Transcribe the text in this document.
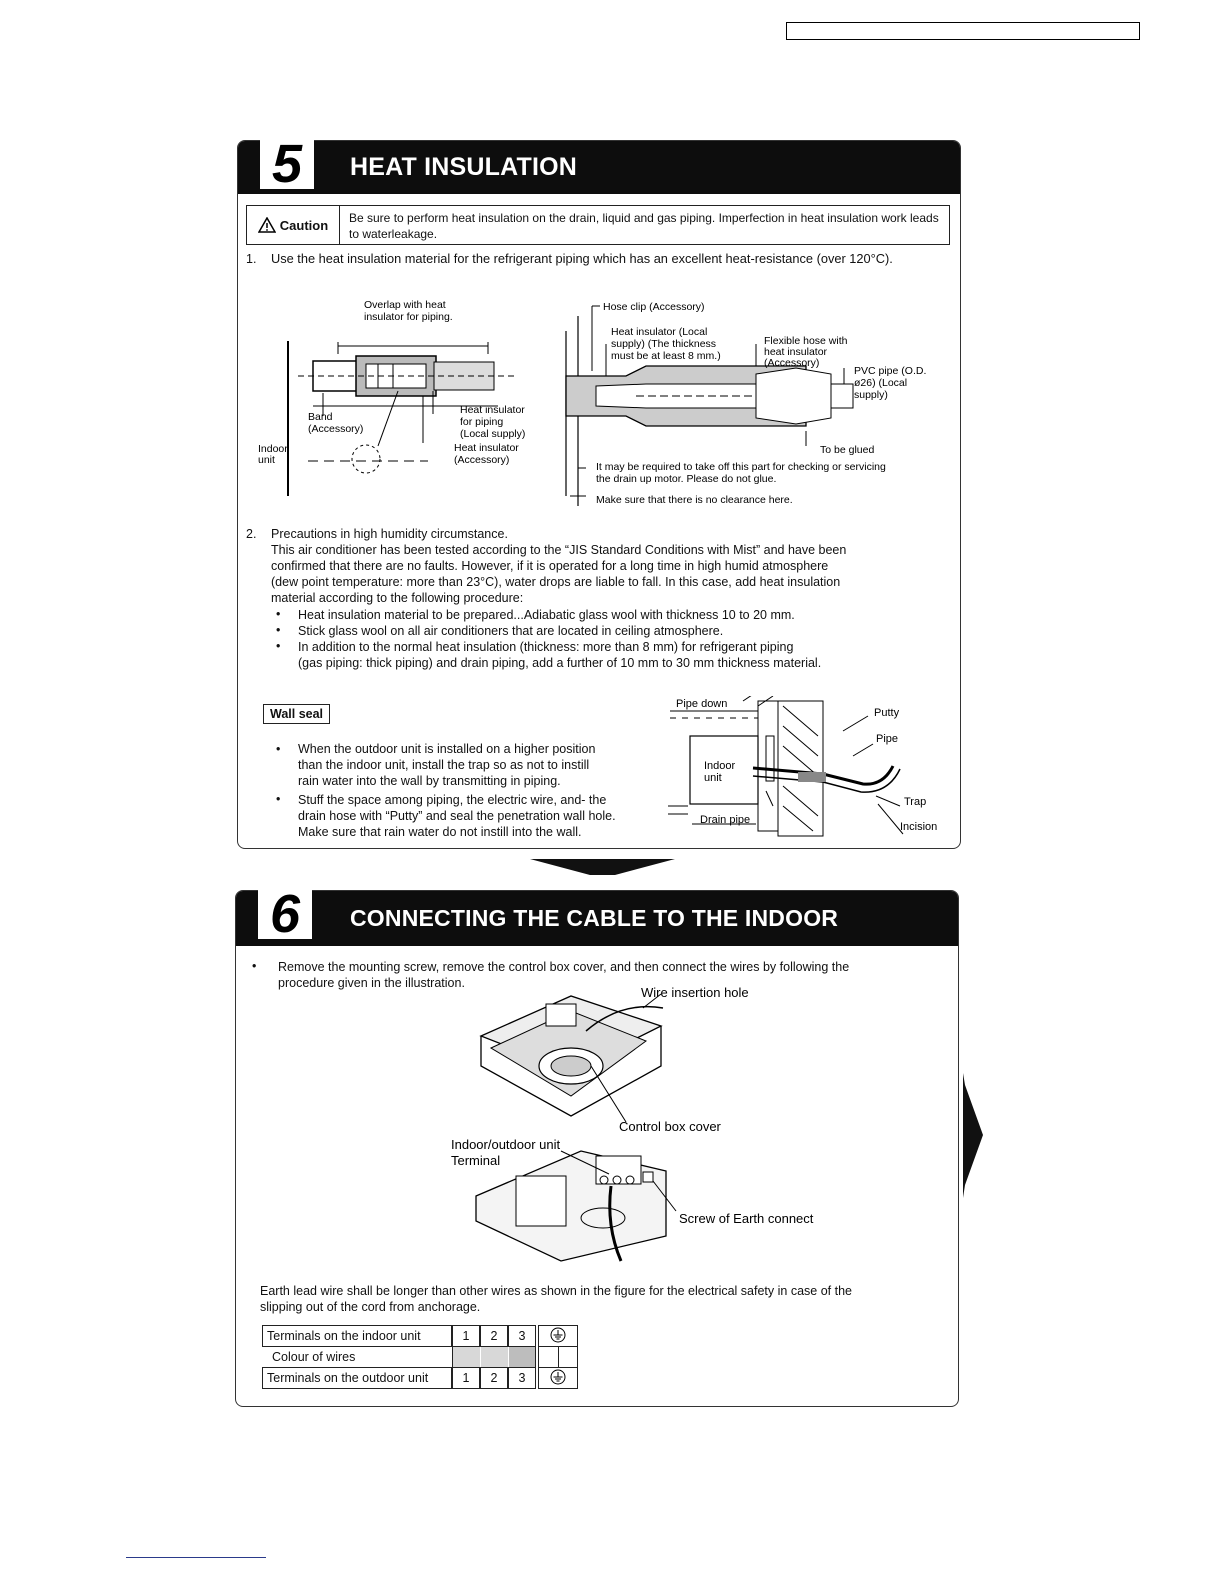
5	HEAT INSULATION
Caution Be sure to perform heat insulation on the drain, liquid and gas piping. Imperfection in heat insulation work leads to waterleakage.
1. Use the heat insulation material for the refrigerant piping which has an excellent heat-resistance (over 120°C).
Overlap with heat
insulator for piping.
Band
(Accessory)
Indoor
unit
Heat insulator
for piping
(Local supply)
Heat insulator
(Accessory)
Hose clip (Accessory)
Heat insulator (Local
supply) (The thickness
must be at least 8 mm.)
Flexible hose with
heat insulator
(Accessory)
PVC pipe (O.D.
ø26) (Local
supply)
To be glued
It may be required to take off this part for checking or servicing
the drain up motor. Please do not glue.
Make sure that there is no clearance here.
2. Precautions in high humidity circumstance.
This air conditioner has been tested according to the “JIS Standard Conditions with Mist” and have been
confirmed that there are no faults. However, if it is operated for a long time in high humid atmosphere
(dew point temperature: more than 23°C), water drops are liable to fall. In this case, add heat insulation
material according to the following procedure:
• Heat insulation material to be prepared...Adiabatic glass wool with thickness 10 to 20 mm.
• Stick glass wool on all air conditioners that are located in ceiling atmosphere.
• In addition to the normal heat insulation (thickness: more than 8 mm) for refrigerant piping
(gas piping: thick piping) and drain piping, add a further of 10 mm to 30 mm thickness material.
Wall seal
• When the outdoor unit is installed on a higher position
than the indoor unit, install the trap so as not to instill
rain water into the wall by transmitting in piping.
• Stuff the space among piping, the electric wire, and- the
drain hose with “Putty” and seal the penetration wall hole.
Make sure that rain water do not instill into the wall.
Pipe down
Putty
Pipe
Indoor
unit
Trap
Drain pipe
Incision
6	CONNECTING THE CABLE TO THE INDOOR
• Remove the mounting screw, remove the control box cover, and then connect the wires by following the
procedure given in the illustration.
Wire insertion hole
Control box cover
Indoor/outdoor unit
Terminal
Screw of Earth connect
Earth lead wire shall be longer than other wires as shown in the figure for the electrical safety in case of the
slipping out of the cord from anchorage.
Terminals on the indoor unit	1	2	3		
Colour of wires					

Terminals on the outdoor unit	1	2	3		
